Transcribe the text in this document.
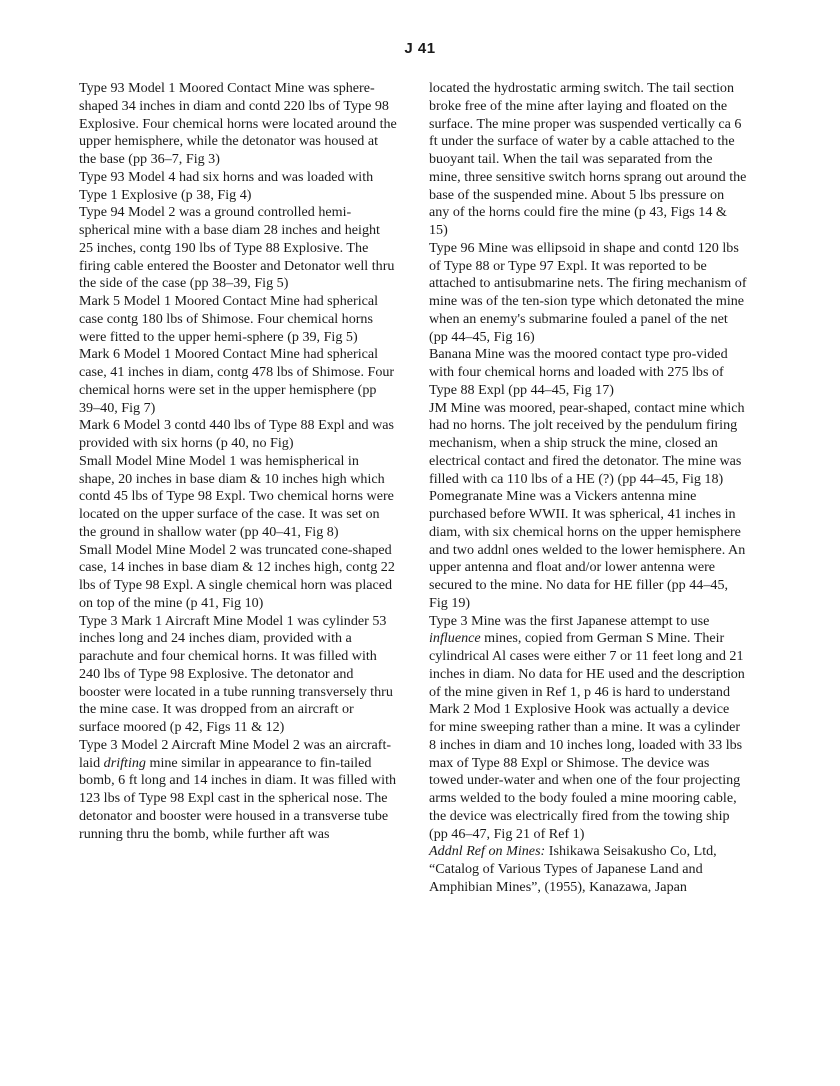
J 41

Type 93 Model 1 Moored Contact Mine was sphere-shaped 34 inches in diam and contd 220 lbs of Type 98 Explosive. Four chemical horns were located around the upper hemisphere, while the detonator was housed at the base (pp 36–7, Fig 3)

Type 93 Model 4 had six horns and was loaded with Type 1 Explosive (p 38, Fig 4)

Type 94 Model 2 was a ground controlled hemi-spherical mine with a base diam 28 inches and height 25 inches, contg 190 lbs of Type 88 Explosive. The firing cable entered the Booster and Detonator well thru the side of the case (pp 38–39, Fig 5)

Mark 5 Model 1 Moored Contact Mine had spherical case contg 180 lbs of Shimose. Four chemical horns were fitted to the upper hemi-sphere (p 39, Fig 5)

Mark 6 Model 1 Moored Contact Mine had spherical case, 41 inches in diam, contg 478 lbs of Shimose. Four chemical horns were set in the upper hemisphere (pp 39–40, Fig 7)

Mark 6 Model 3 contd 440 lbs of Type 88 Expl and was provided with six horns (p 40, no Fig)

Small Model Mine Model 1 was hemispherical in shape, 20 inches in base diam & 10 inches high which contd 45 lbs of Type 98 Expl. Two chemical horns were located on the upper surface of the case. It was set on the ground in shallow water (pp 40–41, Fig 8)

Small Model Mine Model 2 was truncated cone-shaped case, 14 inches in base diam & 12 inches high, contg 22 lbs of Type 98 Expl. A single chemical horn was placed on top of the mine (p 41, Fig 10)

Type 3 Mark 1 Aircraft Mine Model 1 was cylinder 53 inches long and 24 inches diam, provided with a parachute and four chemical horns. It was filled with 240 lbs of Type 98 Explosive. The detonator and booster were located in a tube running transversely thru the mine case. It was dropped from an aircraft or surface moored (p 42, Figs 11 & 12)

Type 3 Model 2 Aircraft Mine Model 2 was an aircraft-laid drifting mine similar in appearance to fin-tailed bomb, 6 ft long and 14 inches in diam. It was filled with 123 lbs of Type 98 Expl cast in the spherical nose. The detonator and booster were housed in a transverse tube running thru the bomb, while further aft was

located the hydrostatic arming switch. The tail section broke free of the mine after laying and floated on the surface. The mine proper was suspended vertically ca 6 ft under the surface of water by a cable attached to the buoyant tail. When the tail was separated from the mine, three sensitive switch horns sprang out around the base of the suspended mine. About 5 lbs pressure on any of the horns could fire the mine (p 43, Figs 14 & 15)

Type 96 Mine was ellipsoid in shape and contd 120 lbs of Type 88 or Type 97 Expl. It was reported to be attached to antisubmarine nets. The firing mechanism of mine was of the ten-sion type which detonated the mine when an enemy's submarine fouled a panel of the net (pp 44–45, Fig 16)

Banana Mine was the moored contact type pro-vided with four chemical horns and loaded with 275 lbs of Type 88 Expl (pp 44–45, Fig 17)

JM Mine was moored, pear-shaped, contact mine which had no horns. The jolt received by the pendulum firing mechanism, when a ship struck the mine, closed an electrical contact and fired the detonator. The mine was filled with ca 110 lbs of a HE (?) (pp 44–45, Fig 18)

Pomegranate Mine was a Vickers antenna mine purchased before WWII. It was spherical, 41 inches in diam, with six chemical horns on the upper hemisphere and two addnl ones welded to the lower hemisphere. An upper antenna and float and/or lower antenna were secured to the mine. No data for HE filler (pp 44–45, Fig 19)

Type 3 Mine was the first Japanese attempt to use influence mines, copied from German S Mine. Their cylindrical Al cases were either 7 or 11 feet long and 21 inches in diam. No data for HE used and the description of the mine given in Ref 1, p 46 is hard to understand

Mark 2 Mod 1 Explosive Hook was actually a device for mine sweeping rather than a mine. It was a cylinder 8 inches in diam and 10 inches long, loaded with 33 lbs max of Type 88 Expl or Shimose. The device was towed under-water and when one of the four projecting arms welded to the body fouled a mine mooring cable, the device was electrically fired from the towing ship (pp 46–47, Fig 21 of Ref 1)

Addnl Ref on Mines: Ishikawa Seisakusho Co, Ltd, “Catalog of Various Types of Japanese Land and Amphibian Mines”, (1955), Kanazawa, Japan
